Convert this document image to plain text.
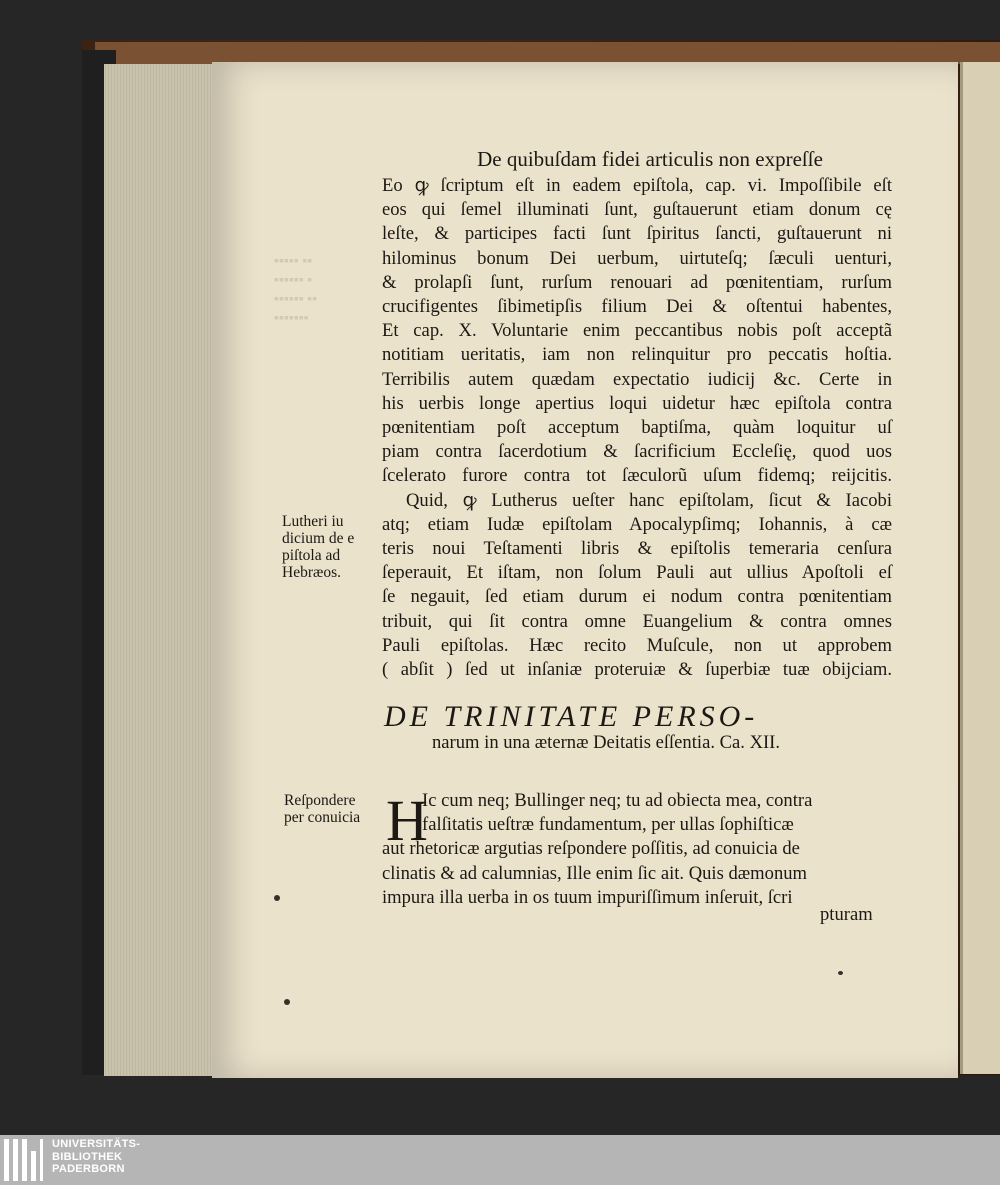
▪▪▪▪▪ ▪▪
▪▪▪▪▪▪ ▪
▪▪▪▪▪▪ ▪▪
▪▪▪▪▪▪▪
De quibuſdam fidei articulis non expreſſe
Eo ꝙ ſcriptum eſt in eadem epiſtola, cap. vi. Impoſſibile eſt
eos qui ſemel illuminati ſunt, guſtauerunt etiam donum cę
leſte, & participes facti ſunt ſpiritus ſancti, guſtauerunt ni
hilominus bonum Dei uerbum, uirtuteſq; ſæculi uenturi,
& prolapſi ſunt, rurſum renouari ad pœnitentiam, rurſum
crucifigentes ſibimetipſis filium Dei & oſtentui habentes,
Et cap. X. Voluntarie enim peccantibus nobis poſt acceptã
notitiam ueritatis, iam non relinquitur pro peccatis hoſtia.
Terribilis autem quædam expectatio iudicij &c. Certe in
his uerbis longe apertius loqui uidetur hæc epiſtola contra
pœnitentiam poſt acceptum baptiſma, quàm loquitur uſ
piam contra ſacerdotium & ſacrificium Eccleſię, quod uos
ſcelerato furore contra tot ſæculorũ uſum fidemq; reijcitis.
Quid, ꝙ Lutherus ueſter hanc epiſtolam, ſicut & Iacobi
atq; etiam Iudæ epiſtolam Apocalypſimq; Iohannis, à cæ
teris noui Teſtamenti libris & epiſtolis temeraria cenſura
ſeperauit, Et iſtam, non ſolum Pauli aut ullius Apoſtoli eſ
ſe negauit, ſed etiam durum ei nodum contra pœnitentiam
tribuit, qui ſit contra omne Euangelium & contra omnes
Pauli epiſtolas. Hæc recito Muſcule, non ut approbem
( abſit ) ſed ut inſaniæ proteruiæ & ſuperbiæ tuæ obijciam.
Lutheri iu
dicium de e
piſtola ad
Hebræos.
DE TRINITATE PERSO-
narum in una æternæ Deitatis eſſentia. Ca. XII.
H
Ic cum neq; Bullinger neq; tu ad obiecta mea, contra
falſitatis ueſtræ fundamentum, per ullas ſophiſticæ
aut rhetoricæ argutias reſpondere poſſitis, ad conuicia de
clinatis & ad calumnias, Ille enim ſic ait. Quis dæmonum
impura illa uerba in os tuum impuriſſimum inſeruit, ſcri
pturam
Reſpondere
per conuicia
UNIVERSITÄTS-
BIBLIOTHEK
PADERBORN
